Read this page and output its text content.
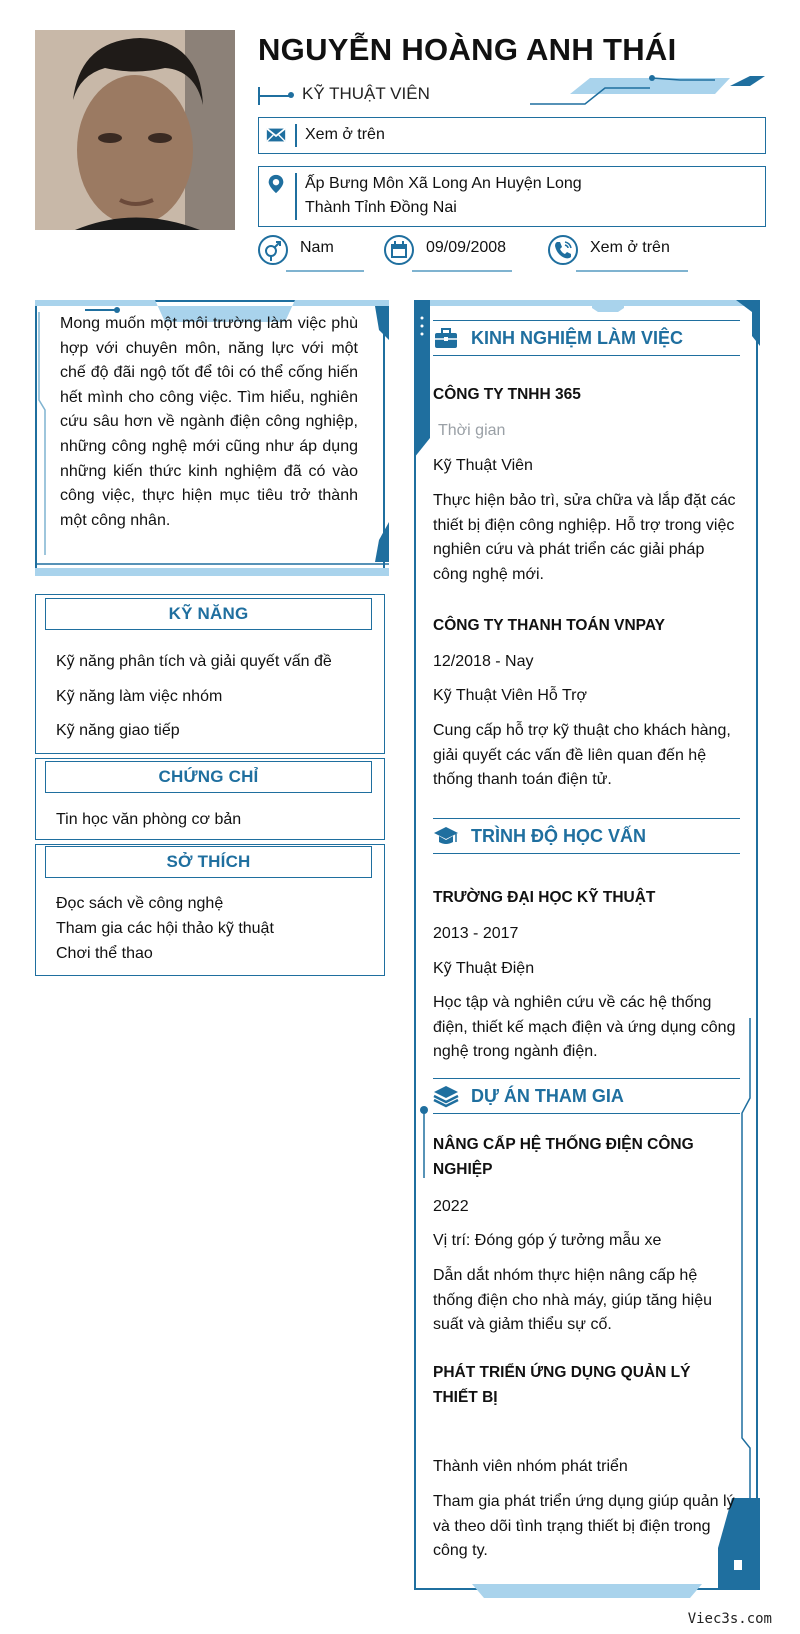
NGUYỄN HOÀNG ANH THÁI
KỸ THUẬT VIÊN
Xem ở trên
Ấp Bưng Môn Xã Long An Huyện Long
Thành Tỉnh Đồng Nai
Nam	09/09/2008	Xem ở trên
Mong muốn một môi trường làm việc phù hợp với chuyên môn, năng lực với một chế độ đãi ngộ tốt để tôi có thể cống hiến hết mình cho công việc. Tìm hiểu, nghiên cứu sâu hơn về ngành điện công nghiệp, những công nghệ mới cũng như áp dụng những kiến thức kinh nghiệm đã có vào công việc, thực hiện mục tiêu trở thành một công nhân.
KỸ NĂNG
Kỹ năng phân tích và giải quyết vấn đề
Kỹ năng làm việc nhóm
Kỹ năng giao tiếp
CHỨNG CHỈ
Tin học văn phòng cơ bản
SỞ THÍCH
Đọc sách về công nghệ
Tham gia các hội thảo kỹ thuật
Chơi thể thao
KINH NGHIỆM LÀM VIỆC
CÔNG TY TNHH 365
Thời gian
Kỹ Thuật Viên
Thực hiện bảo trì, sửa chữa và lắp đặt các thiết bị điện công nghiệp. Hỗ trợ trong việc nghiên cứu và phát triển các giải pháp công nghệ mới.
CÔNG TY THANH TOÁN VNPAY
12/2018 - Nay
Kỹ Thuật Viên Hỗ Trợ
Cung cấp hỗ trợ kỹ thuật cho khách hàng, giải quyết các vấn đề liên quan đến hệ thống thanh toán điện tử.
TRÌNH ĐỘ HỌC VẤN
TRƯỜNG ĐẠI HỌC KỸ THUẬT
2013 - 2017
Kỹ Thuật Điện
Học tập và nghiên cứu về các hệ thống điện, thiết kế mạch điện và ứng dụng công nghệ trong ngành điện.
DỰ ÁN THAM GIA
NÂNG CẤP HỆ THỐNG ĐIỆN CÔNG NGHIỆP
2022
Vị trí: Đóng góp ý tưởng mẫu xe
Dẫn dắt nhóm thực hiện nâng cấp hệ thống điện cho nhà máy, giúp tăng hiệu suất và giảm thiểu sự cố.
PHÁT TRIỂN ỨNG DỤNG QUẢN LÝ THIẾT BỊ
Thành viên nhóm phát triển
Tham gia phát triển ứng dụng giúp quản lý và theo dõi tình trạng thiết bị điện trong công ty.
Viec3s.com
